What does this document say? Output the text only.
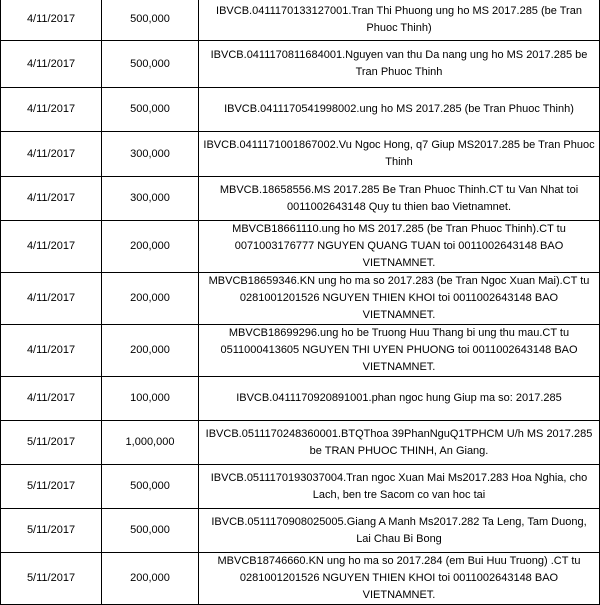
4/11/2017	500,000	IBVCB.0411170133127001.Tran Thi Phuong ung ho MS 2017.285 (be Tran Phuoc Thinh)
4/11/2017	500,000	IBVCB.0411170811684001.Nguyen van thu Da nang ung ho MS 2017.285 be Tran Phuoc Thinh
4/11/2017	500,000	IBVCB.0411170541998002.ung ho MS 2017.285 (be Tran Phuoc Thinh)
4/11/2017	300,000	IBVCB.0411171001867002.Vu Ngoc Hong, q7 Giup MS2017.285 be Tran Phuoc Thinh
4/11/2017	300,000	MBVCB.18658556.MS 2017.285 Be Tran Phuoc Thinh.CT tu Van Nhat toi 0011002643148 Quy tu thien bao Vietnamnet.
4/11/2017	200,000	MBVCB18661110.ung ho MS 2017.285 (be Tran Phuoc Thinh).CT tu 0071003176777 NGUYEN QUANG TUAN toi 0011002643148 BAO VIETNAMNET.
4/11/2017	200,000	MBVCB18659346.KN ung ho ma so 2017.283 (be Tran Ngoc Xuan Mai).CT tu 0281001201526 NGUYEN THIEN KHOI toi 0011002643148 BAO VIETNAMNET.
4/11/2017	200,000	MBVCB18699296.ung ho be Truong Huu Thang bi ung thu mau.CT tu 0511000413605 NGUYEN THI UYEN PHUONG toi 0011002643148 BAO VIETNAMNET.
4/11/2017	100,000	IBVCB.0411170920891001.phan ngoc hung Giup ma so: 2017.285
5/11/2017	1,000,000	IBVCB.0511170248360001.BTQThoa 39PhanNguQ1TPHCM U/h MS 2017.285 be TRAN PHUOC THINH, An Giang.
5/11/2017	500,000	IBVCB.0511170193037004.Tran ngoc Xuan Mai Ms2017.283 Hoa Nghia, cho Lach, ben tre Sacom co van hoc tai
5/11/2017	500,000	IBVCB.0511170908025005.Giang A Manh Ms2017.282 Ta Leng, Tam Duong, Lai Chau Bi Bong
5/11/2017	200,000	MBVCB18746660.KN ung ho ma so 2017.284 (em Bui Huu Truong) .CT tu 0281001201526 NGUYEN THIEN KHOI toi 0011002643148 BAO VIETNAMNET.
